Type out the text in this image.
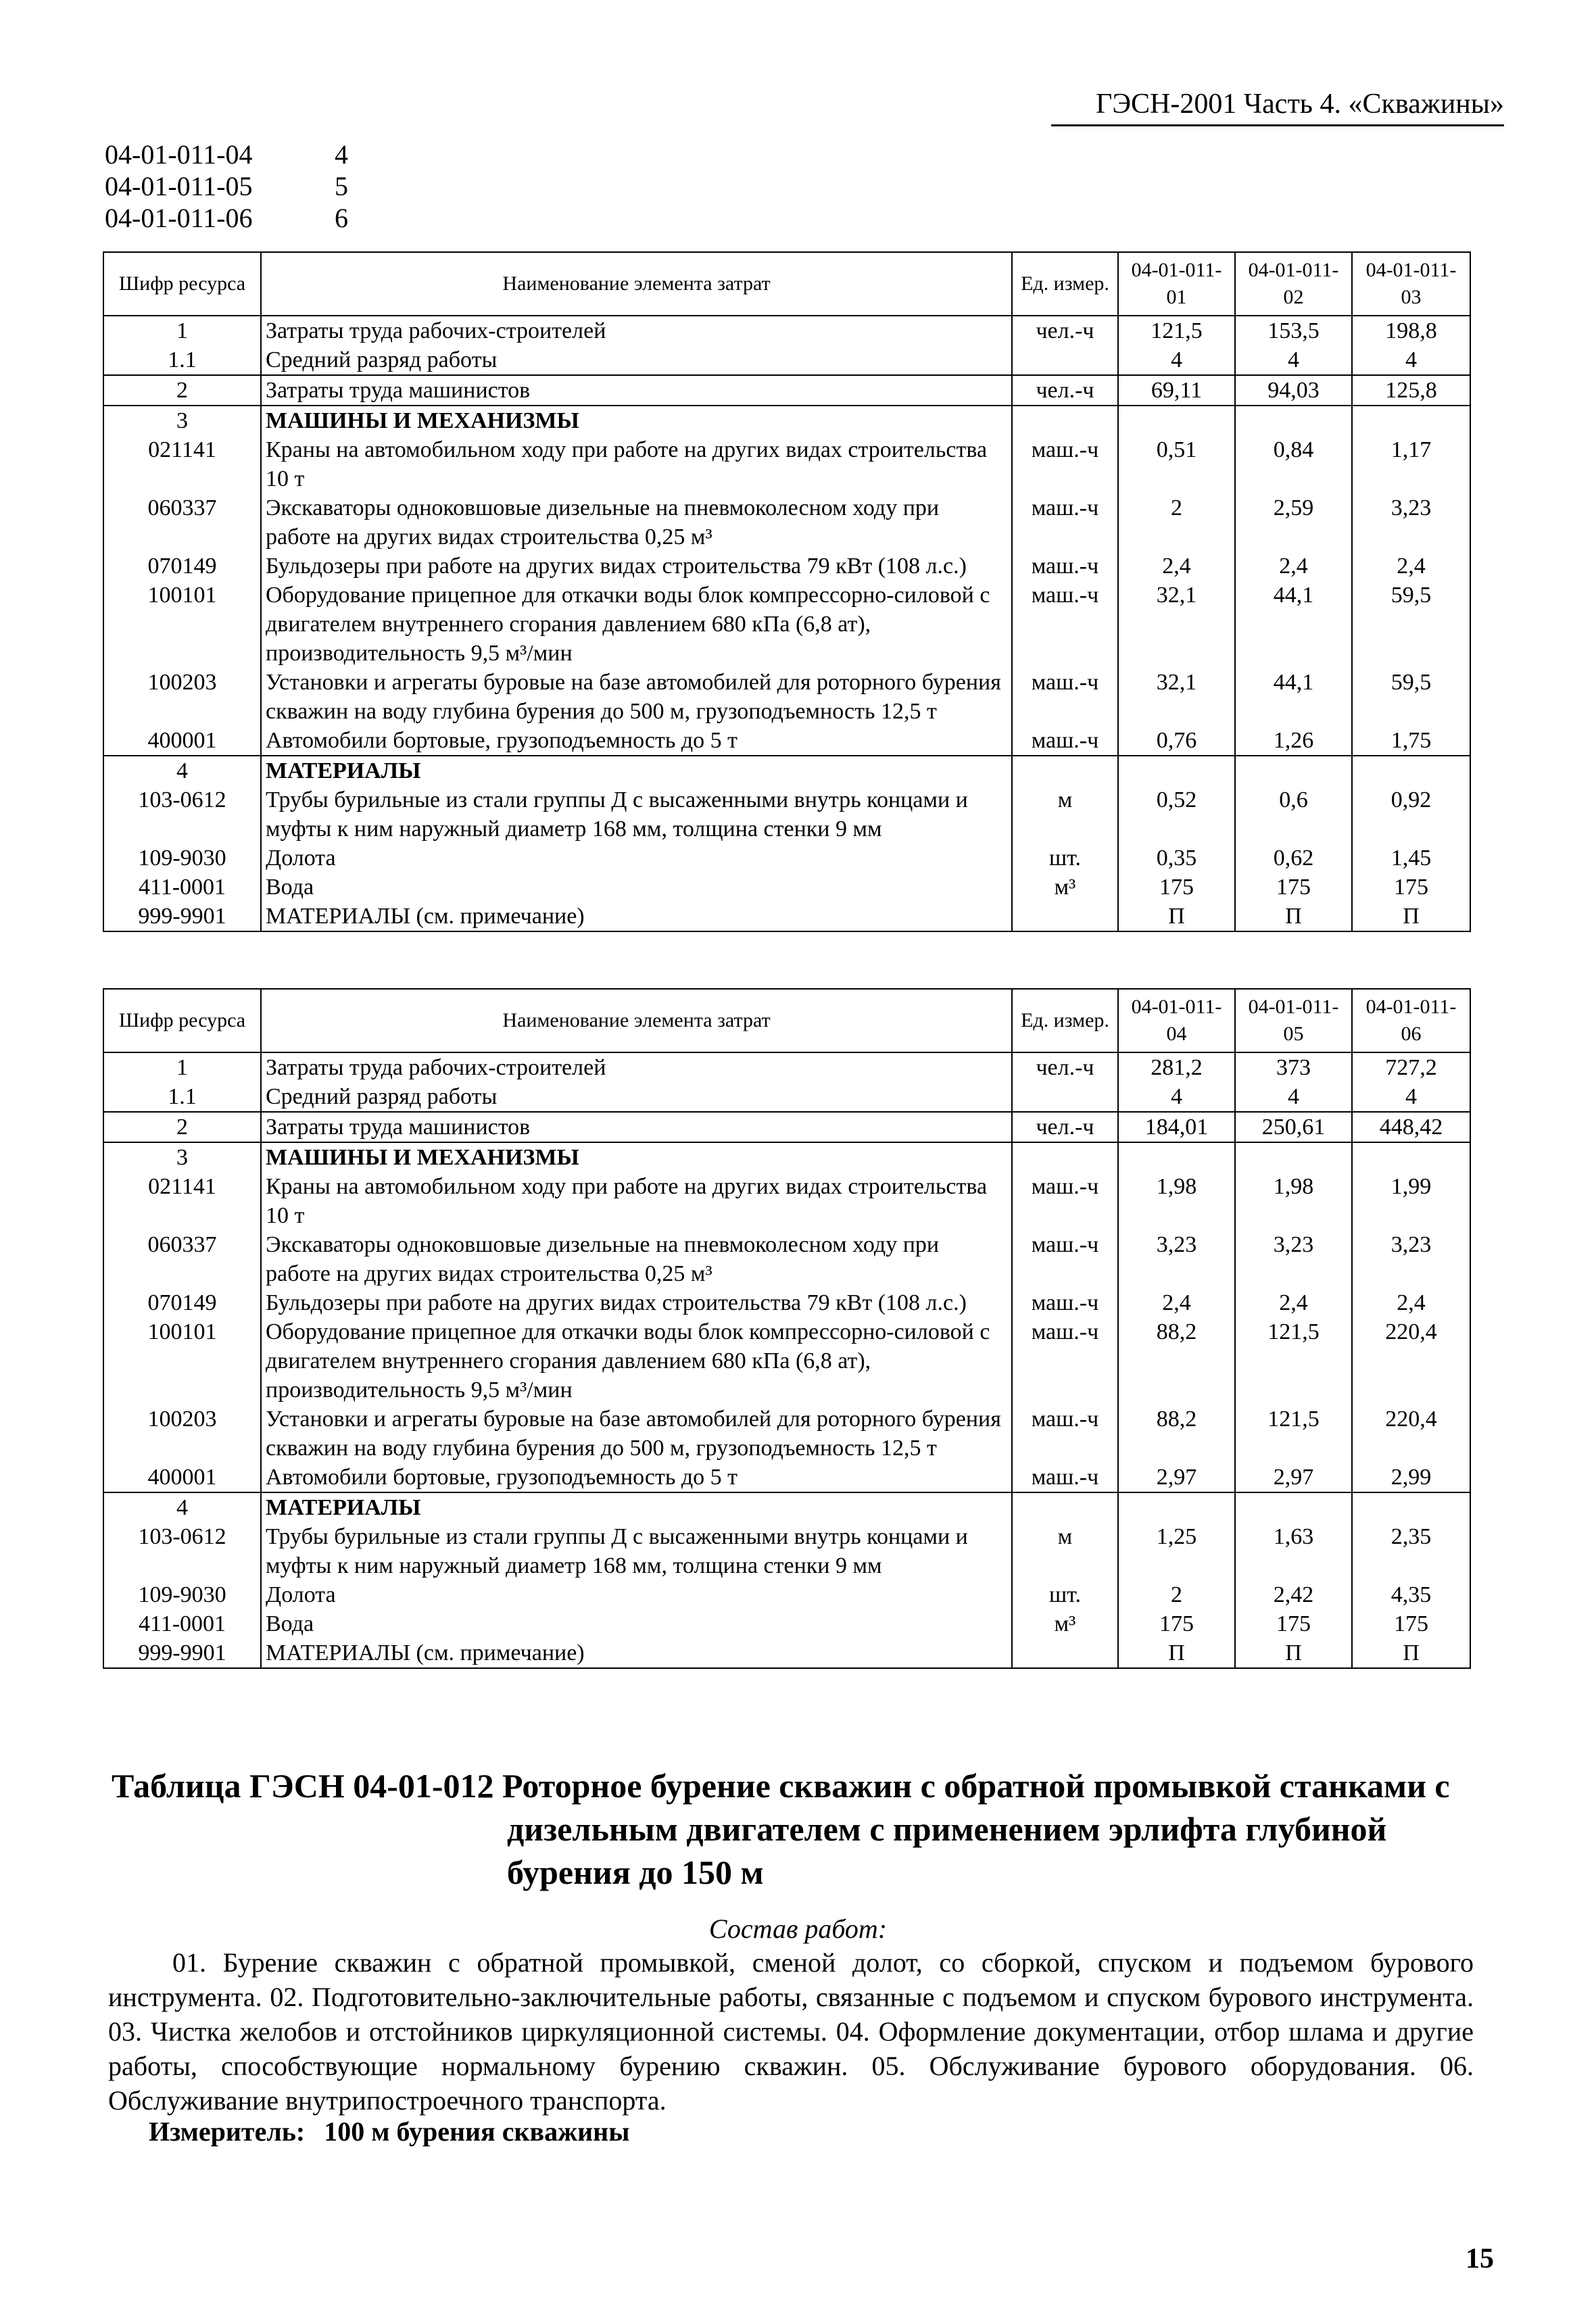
ГЭСН-2001 Часть 4. «Скважины»
04-01-011-04	4
04-01-011-05	5
04-01-011-06	6
Шифр ресурса	Наименование элемента затрат	Ед. измер.	04-01-011-01	04-01-011-02	04-01-011-03
1	Затраты труда рабочих-строителей	чел.-ч	121,5	153,5	198,8
1.1	Средний разряд работы		4	4	4
2	Затраты труда машинистов	чел.-ч	69,11	94,03	125,8
3	МАШИНЫ И МЕХАНИЗМЫ				
021141	Краны на автомобильном ходу при работе на других видах строительства 10 т	маш.-ч	0,51	0,84	1,17
060337	Экскаваторы одноковшовые дизельные на пневмоколесном ходу при работе на других видах строительства 0,25 м³	маш.-ч	2	2,59	3,23
070149	Бульдозеры при работе на других видах строительства 79 кВт (108 л.с.)	маш.-ч	2,4	2,4	2,4
100101	Оборудование прицепное для откачки воды блок компрессорно-силовой с двигателем внутреннего сгорания давлением 680 кПа (6,8 ат), производительность 9,5 м³/мин	маш.-ч	32,1	44,1	59,5
100203	Установки и агрегаты буровые на базе автомобилей для роторного бурения скважин на воду глубина бурения до 500 м, грузоподъемность 12,5 т	маш.-ч	32,1	44,1	59,5
400001	Автомобили бортовые, грузоподъемность до 5 т	маш.-ч	0,76	1,26	1,75
4	МАТЕРИАЛЫ				
103-0612	Трубы бурильные из стали группы Д с высаженными внутрь концами и муфты к ним наружный диаметр 168 мм, толщина стенки 9 мм	м	0,52	0,6	0,92
109-9030	Долота	шт.	0,35	0,62	1,45
411-0001	Вода	м³	175	175	175
999-9901	МАТЕРИАЛЫ (см. примечание)		П	П	П
Шифр ресурса	Наименование элемента затрат	Ед. измер.	04-01-011-04	04-01-011-05	04-01-011-06
1	Затраты труда рабочих-строителей	чел.-ч	281,2	373	727,2
1.1	Средний разряд работы		4	4	4
2	Затраты труда машинистов	чел.-ч	184,01	250,61	448,42
3	МАШИНЫ И МЕХАНИЗМЫ				
021141	Краны на автомобильном ходу при работе на других видах строительства 10 т	маш.-ч	1,98	1,98	1,99
060337	Экскаваторы одноковшовые дизельные на пневмоколесном ходу при работе на других видах строительства 0,25 м³	маш.-ч	3,23	3,23	3,23
070149	Бульдозеры при работе на других видах строительства 79 кВт (108 л.с.)	маш.-ч	2,4	2,4	2,4
100101	Оборудование прицепное для откачки воды блок компрессорно-силовой с двигателем внутреннего сгорания давлением 680 кПа (6,8 ат), производительность 9,5 м³/мин	маш.-ч	88,2	121,5	220,4
100203	Установки и агрегаты буровые на базе автомобилей для роторного бурения скважин на воду глубина бурения до 500 м, грузоподъемность 12,5 т	маш.-ч	88,2	121,5	220,4
400001	Автомобили бортовые, грузоподъемность до 5 т	маш.-ч	2,97	2,97	2,99
4	МАТЕРИАЛЫ				
103-0612	Трубы бурильные из стали группы Д с высаженными внутрь концами и муфты к ним наружный диаметр 168 мм, толщина стенки 9 мм	м	1,25	1,63	2,35
109-9030	Долота	шт.	2	2,42	4,35
411-0001	Вода	м³	175	175	175
999-9901	МАТЕРИАЛЫ (см. примечание)		П	П	П
Таблица ГЭСН 04-01-012 Роторное бурение скважин с обратной промывкой станками с
дизельным двигателем с применением эрлифта глубиной бурения до 150 м
Состав работ:
01. Бурение скважин с обратной промывкой, сменой долот, со сборкой, спуском и подъемом бурового инструмента. 02. Подготовительно-заключительные работы, связанные с подъемом и спуском бурового инструмента. 03. Чистка желобов и отстойников циркуляционной системы. 04. Оформление документации, отбор шлама и другие работы, способствующие нормальному бурению скважин. 05. Обслуживание бурового оборудования. 06. Обслуживание внутрипостроечного транспорта.
Измеритель: 100 м бурения скважины
15
